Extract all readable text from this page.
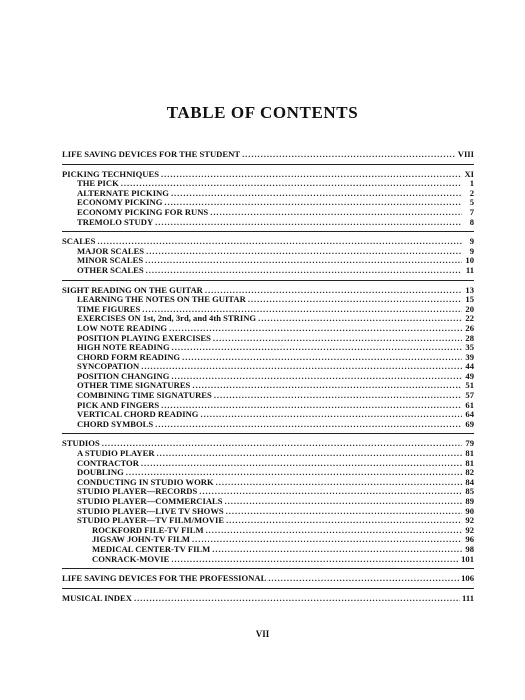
TABLE OF CONTENTS
LIFE SAVING DEVICES FOR THE STUDENT . . .	VIII
PICKING TECHNIQUES . . .	XI
THE PICK . . .	1
ALTERNATE PICKING . . .	2
ECONOMY PICKING . . .	5
ECONOMY PICKING FOR RUNS . . .	7
TREMOLO STUDY . . .	8
SCALES . . .	9
MAJOR SCALES . . .	9
MINOR SCALES . . .	10
OTHER SCALES . . .	11
SIGHT READING ON THE GUITAR . . .	13
LEARNING THE NOTES ON THE GUITAR . . .	15
TIME FIGURES . . .	20
EXERCISES ON 1st, 2nd, 3rd, and 4th STRING . . .	22
LOW NOTE READING . . .	26
POSITION PLAYING EXERCISES . . .	28
HIGH NOTE READING . . .	35
CHORD FORM READING . . .	39
SYNCOPATION . . .	44
POSITION CHANGING . . .	49
OTHER TIME SIGNATURES . . .	51
COMBINING TIME SIGNATURES . . .	57
PICK AND FINGERS . . .	61
VERTICAL CHORD READING . . .	64
CHORD SYMBOLS . . .	69
STUDIOS . . .	79
A STUDIO PLAYER . . .	81
CONTRACTOR . . .	81
DOUBLING . . .	82
CONDUCTING IN STUDIO WORK . . .	84
STUDIO PLAYER—RECORDS . . .	85
STUDIO PLAYER—COMMERCIALS . . .	89
STUDIO PLAYER—LIVE TV SHOWS . . .	90
STUDIO PLAYER—TV FILM/MOVIE . . .	92
ROCKFORD FILE-TV FILM . . .	92
JIGSAW JOHN-TV FILM . . .	96
MEDICAL CENTER-TV FILM . . .	98
CONRACK-MOVIE . . .	101
LIFE SAVING DEVICES FOR THE PROFESSIONAL . . .	106
MUSICAL INDEX . . .	111
VII
